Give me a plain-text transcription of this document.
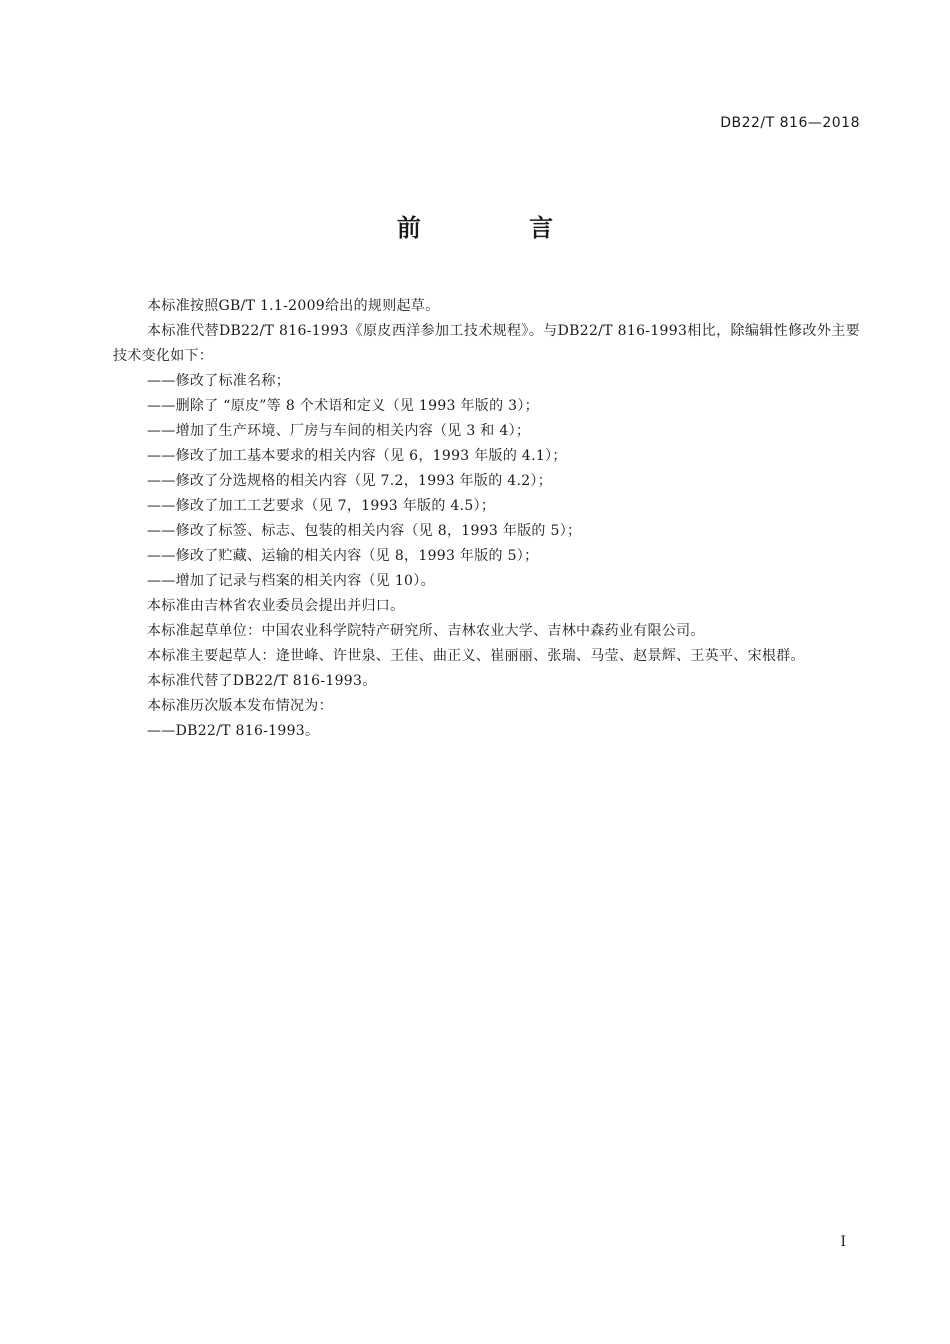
DB22/T 816—2018
前 言

本标准按照GB/T 1.1-2009给出的规则起草。

本标准代替DB22/T 816-1993《原皮西洋参加工技术规程》。与DB22/T 816-1993相比，除编辑性修改外主要技术变化如下：

——修改了标准名称；

——删除了 “原皮”等 8 个术语和定义（见 1993 年版的 3）；

——增加了生产环境、厂房与车间的相关内容（见 3 和 4）；

——修改了加工基本要求的相关内容（见 6，1993 年版的 4.1）；

——修改了分选规格的相关内容（见 7.2，1993 年版的 4.2）；

——修改了加工工艺要求（见 7，1993 年版的 4.5）；

——修改了标签、标志、包装的相关内容（见 8，1993 年版的 5）；

——修改了贮藏、运输的相关内容（见 8，1993 年版的 5）；

——增加了记录与档案的相关内容（见 10）。

本标准由吉林省农业委员会提出并归口。

本标准起草单位：中国农业科学院特产研究所、吉林农业大学、吉林中森药业有限公司。

本标准主要起草人：逄世峰、许世泉、王佳、曲正义、崔丽丽、张瑞、马莹、赵景辉、王英平、宋根群。

本标准代替了DB22/T 816-1993。

本标准历次版本发布情况为：

——DB22/T 816-1993。

I
